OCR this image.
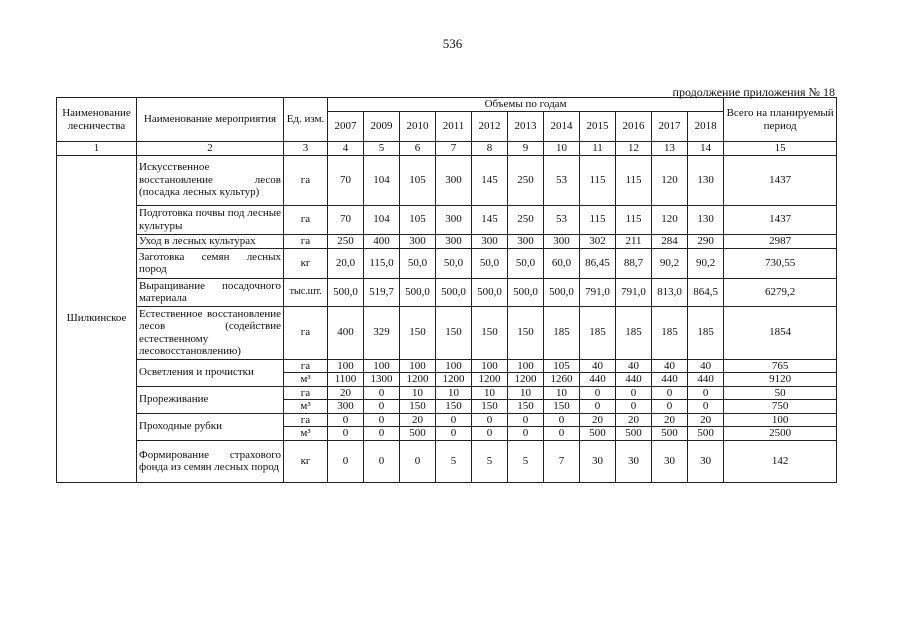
536
продолжение приложения № 18
Наименование лесничества	Наименование мероприятия	Ед. изм.	Объемы по годам											Всего на планируемый период
			2007	2009	2010	2011	2012	2013	2014	2015	2016	2017	2018	
1	2	3	4	5	6	7	8	9	10	11	12	13	14	15
Шилкинское	Искусственное восстановление лесов (посадка лесных культур)	га	70	104	105	300	145	250	53	115	115	120	130	1437
	Подготовка почвы под лесные культуры	га	70	104	105	300	145	250	53	115	115	120	130	1437
	Уход в лесных культурах	га	250	400	300	300	300	300	300	302	211	284	290	2987
	Заготовка семян лесных пород	кг	20,0	115,0	50,0	50,0	50,0	50,0	60,0	86,45	88,7	90,2	90,2	730,55
	Выращивание посадочного материала	тыс.шт.	500,0	519,7	500,0	500,0	500,0	500,0	500,0	791,0	791,0	813,0	864,5	6279,2
	Естественное восстановление лесов (содействие естественному лесовосстановлению)	га	400	329	150	150	150	150	185	185	185	185	185	1854
	Осветления и прочистки	га	100	100	100	100	100	100	105	40	40	40	40	765
		м³	1100	1300	1200	1200	1200	1200	1260	440	440	440	440	9120
	Прореживание	га	20	0	10	10	10	10	10	0	0	0	0	50
		м³	300	0	150	150	150	150	150	0	0	0	0	750
	Проходные рубки	га	0	0	20	0	0	0	0	20	20	20	20	100
		м³	0	0	500	0	0	0	0	500	500	500	500	2500
	Формирование страхового фонда из семян лесных пород	кг	0	0	0	5	5	5	7	30	30	30	30	142
